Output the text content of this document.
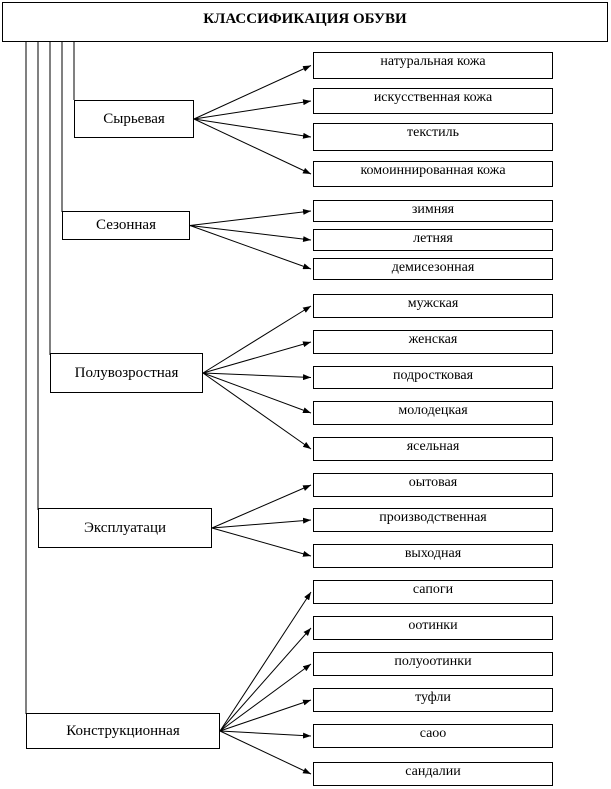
КЛАССИФИКАЦИЯ ОБУВИ
Сырьевая
Сезонная
Полувозростная
Эксплуатаци
Конструкционная
натуральная кожа
искусственная кожа
текстиль
комоиннированная кожа
зимняя
летняя
демисезонная
мужская
женская
подростковая
молодецкая
ясельная
оытовая
производственная
выходная
сапоги
оотинки
полуоотинки
туфли
саоо
сандалии
